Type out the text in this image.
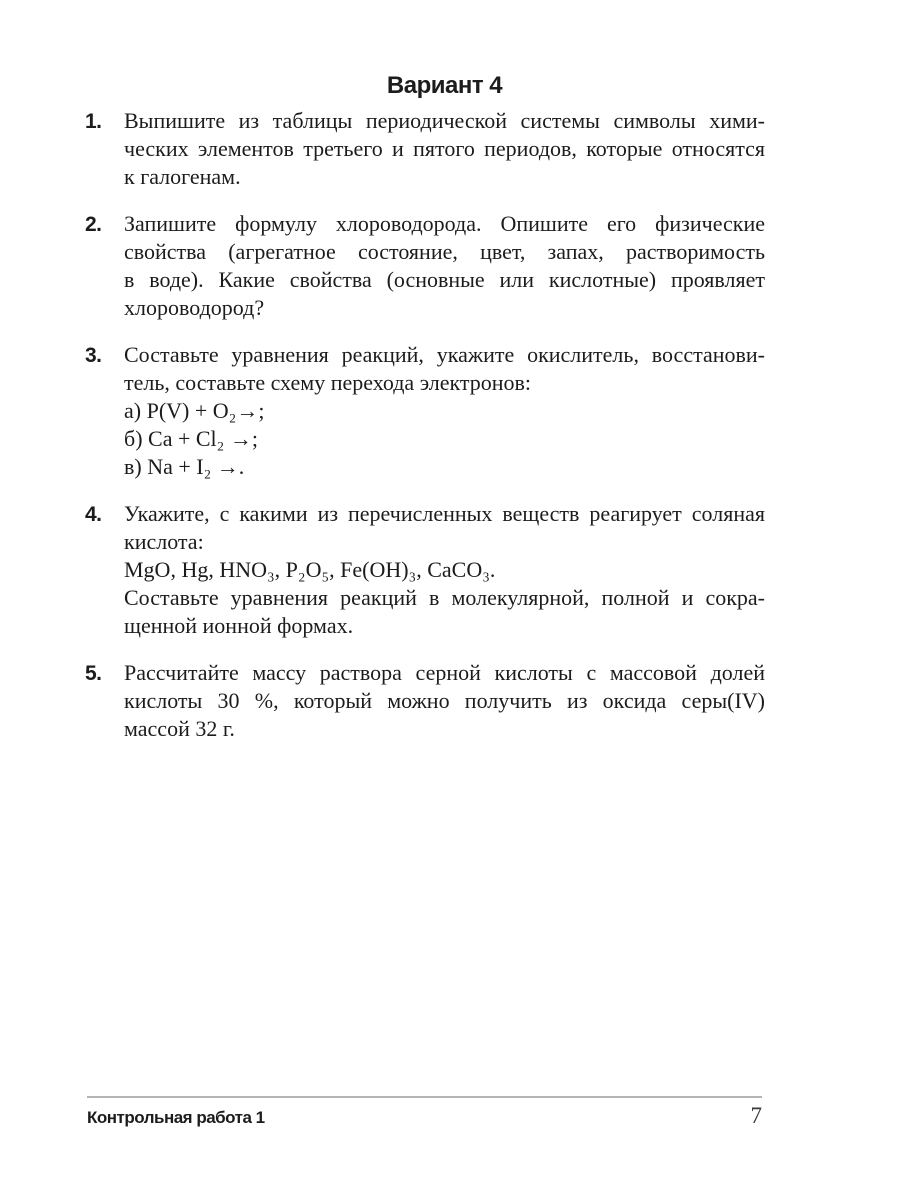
Вариант 4
1.	Выпишите из таблицы периодической системы символы хими-
ческих элементов третьего и пятого периодов, которые относятся
к галогенам.
2.	Запишите формулу хлороводорода. Опишите его физические
свойства (агрегатное состояние, цвет, запах, растворимость
в воде). Какие свойства (основные или кислотные) проявляет
хлороводород?
3.	Составьте уравнения реакций, укажите окислитель, восстанови-
тель, составьте схему перехода электронов:
а) P(V) + O₂→;
б) Ca + Cl₂ →;
в) Na + I₂ →.
4.	Укажите, с какими из перечисленных веществ реагирует соляная
кислота:
MgO, Hg, HNO₃, P₂O₅, Fe(OH)₃, CaCO₃.
Составьте уравнения реакций в молекулярной, полной и сокра-
щенной ионной формах.
5.	Рассчитайте массу раствора серной кислоты с массовой долей
кислоты 30 %, который можно получить из оксида серы(IV)
массой 32 г.
Контрольная работа 1	7
